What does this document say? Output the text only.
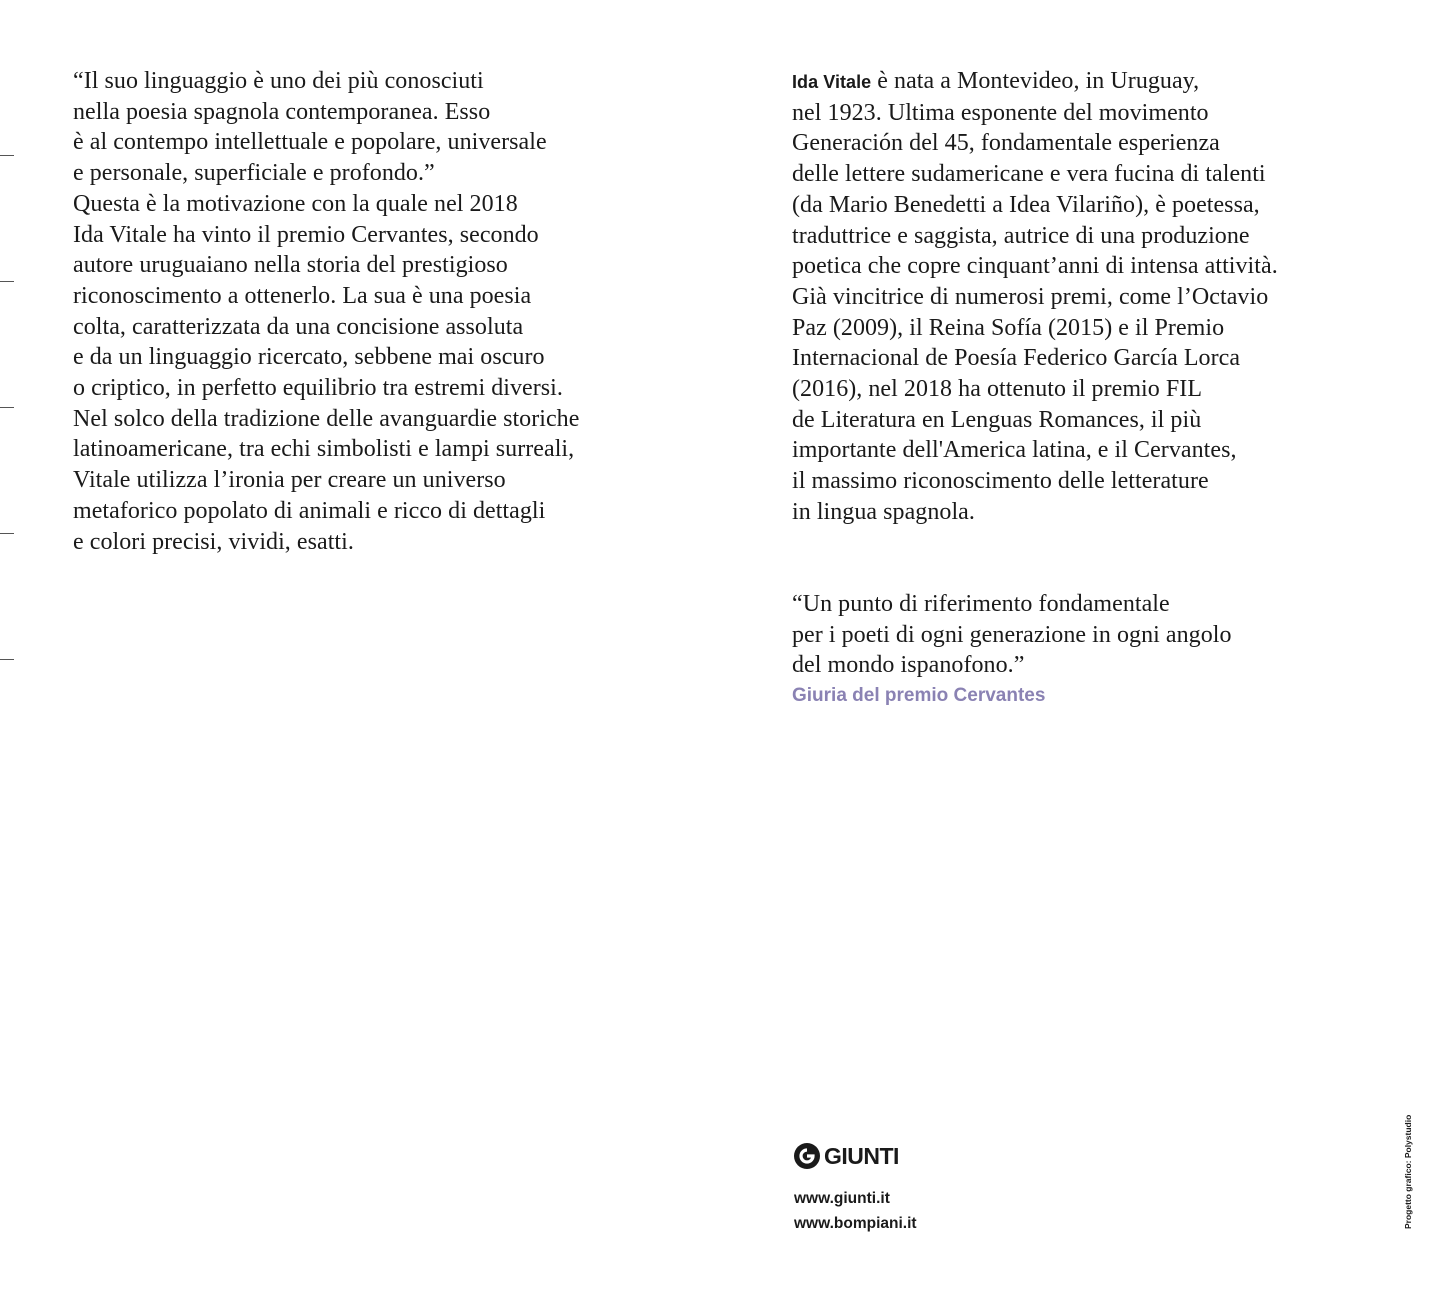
“Il suo linguaggio è uno dei più conosciuti
nella poesia spagnola contemporanea. Esso
è al contempo intellettuale e popolare, universale
e personale, superficiale e profondo.”
Questa è la motivazione con la quale nel 2018
Ida Vitale ha vinto il premio Cervantes, secondo
autore uruguaiano nella storia del prestigioso
riconoscimento a ottenerlo. La sua è una poesia
colta, caratterizzata da una concisione assoluta
e da un linguaggio ricercato, sebbene mai oscuro
o criptico, in perfetto equilibrio tra estremi diversi.
Nel solco della tradizione delle avanguardie storiche
latinoamericane, tra echi simbolisti e lampi surreali,
Vitale utilizza l’ironia per creare un universo
metaforico popolato di animali e ricco di dettagli
e colori precisi, vividi, esatti.
Ida Vitale è nata a Montevideo, in Uruguay,
nel 1923. Ultima esponente del movimento
Generación del 45, fondamentale esperienza
delle lettere sudamericane e vera fucina di talenti
(da Mario Benedetti a Idea Vilariño), è poetessa,
traduttrice e saggista, autrice di una produzione
poetica che copre cinquant’anni di intensa attività.
Già vincitrice di numerosi premi, come l’Octavio
Paz (2009), il Reina Sofía (2015) e il Premio
Internacional de Poesía Federico García Lorca
(2016), nel 2018 ha ottenuto il premio FIL
de Literatura en Lenguas Romances, il più
importante dell'America latina, e il Cervantes,
il massimo riconoscimento delle letterature
in lingua spagnola.
“Un punto di riferimento fondamentale
per i poeti di ogni generazione in ogni angolo
del mondo ispanofono.”
Giuria del premio Cervantes
GIUNTI
www.giunti.it
www.bompiani.it	Progetto grafico: Polystudio
